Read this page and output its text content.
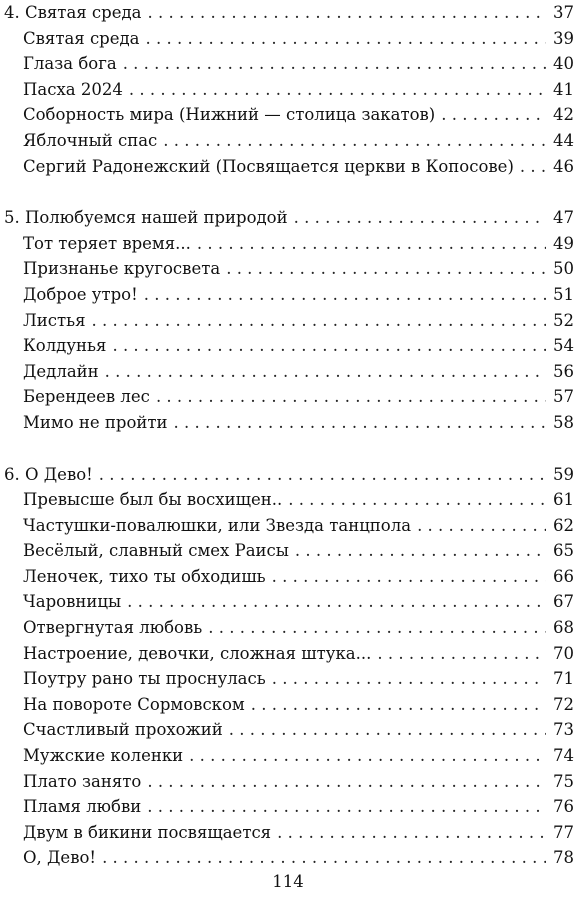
4. Святая среда . . .	37
Святая среда . . .	39
Глаза бога . . .	40
Пасха 2024 . . .	41
Соборность мира (Нижний — столица закатов) . . .	42
Яблочный спас . . .	44
Сергий Радонежский (Посвящается церкви в Копосове) . . . 46
5. Полюбуемся нашей природой . . .	47
Тот теряет время... . . .	49
Признанье кругосвета . . .	50
Доброе утро! . . .	51
Листья . . .	52
Колдунья . . .	54
Дедлайн . . .	56
Берендеев лес . . .	57
Мимо не пройти . . .	58
6. О Дево! . . .	59
Превысше был бы восхищен.. . . .	61
Частушки-повалюшки, или Звезда танцпола . . .	62
Весёлый, славный смех Раисы . . .	65
Леночек, тихо ты обходишь . . .	66
Чаровницы . . .	67
Отвергнутая любовь . . .	68
Настроение, девочки, сложная штука... . . .	70
Поутру рано ты проснулась . . .	71
На повороте Сормовском . . .	72
Счастливый прохожий . . .	73
Мужские коленки . . .	74
Плато занято . . .	75
Пламя любви . . .	76
Двум в бикини посвящается . . .	77
О, Дево! . . .	78
114
